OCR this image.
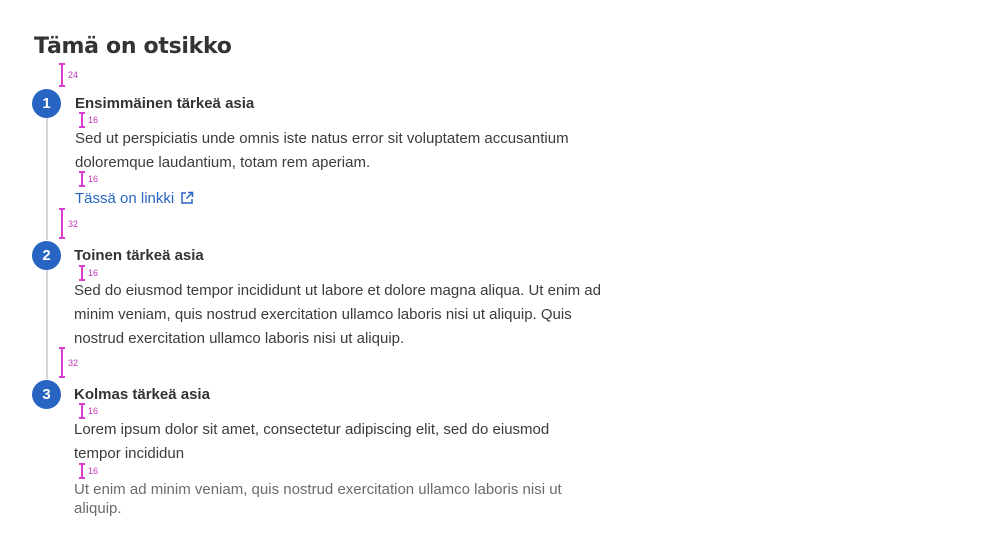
Tämä on otsikko
24
16
16
32
16
32
16
16
1	Ensimmäinen tärkeä asia

Sed ut perspiciatis unde omnis iste natus error sit voluptatem accusantium doloremque laudantium, totam rem aperiam.

Tässä on linkki
2	Toinen tärkeä asia

Sed do eiusmod tempor incididunt ut labore et dolore magna aliqua. Ut enim ad minim veniam, quis nostrud exercitation ullamco laboris nisi ut aliquip. Quis nostrud exercitation ullamco laboris nisi ut aliquip.

3	Kolmas tärkeä asia

Lorem ipsum dolor sit amet, consectetur adipiscing elit, sed do eiusmod tempor incididun

Ut enim ad minim veniam, quis nostrud exercitation ullamco laboris nisi ut aliquip.
